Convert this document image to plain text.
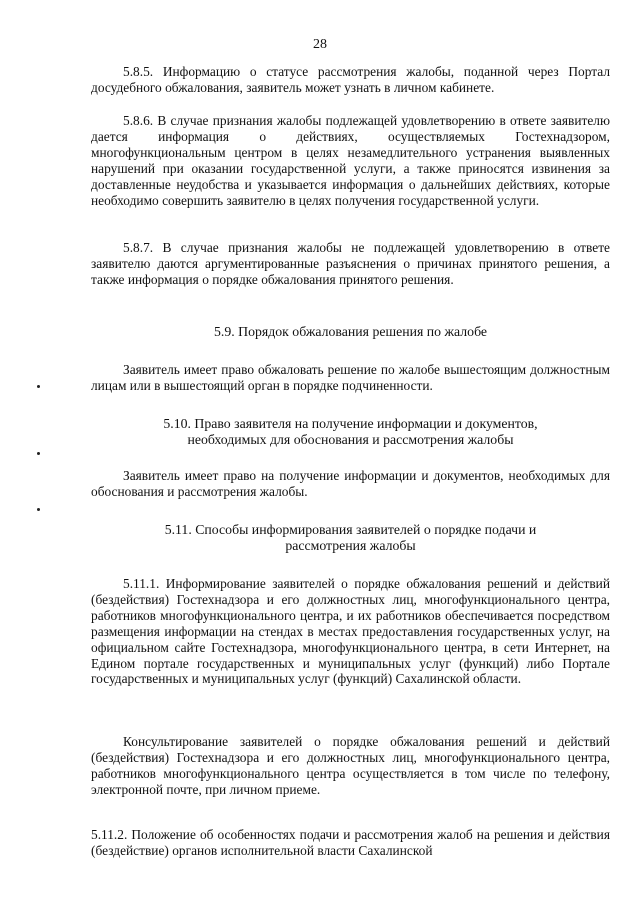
28

5.8.5. Информацию о статусе рассмотрения жалобы, поданной через Портал досудебного обжалования, заявитель может узнать в личном кабинете.

5.8.6. В случае признания жалобы подлежащей удовлетворению в ответе заявителю дается информация о действиях, осуществляемых Гостехнадзором, многофункциональным центром в целях незамедлительного устранения выявленных нарушений при оказании государственной услуги, а также приносятся извинения за доставленные неудобства и указывается информация о дальнейших действиях, которые необходимо совершить заявителю в целях получения государственной услуги.

5.8.7. В случае признания жалобы не подлежащей удовлетворению в ответе заявителю даются аргументированные разъяснения о причинах принятого решения, а также информация о порядке обжалования принятого решения.

5.9. Порядок обжалования решения по жалобе

Заявитель имеет право обжаловать решение по жалобе вышестоящим должностным лицам или в вышестоящий орган в порядке подчиненности.

5.10. Право заявителя на получение информации и документов,
необходимых для обоснования и рассмотрения жалобы

Заявитель имеет право на получение информации и документов, необходимых для обоснования и рассмотрения жалобы.

5.11. Способы информирования заявителей о порядке подачи и
рассмотрения жалобы

5.11.1. Информирование заявителей о порядке обжалования решений и действий (бездействия) Гостехнадзора и его должностных лиц, многофункционального центра, работников многофункционального центра, и их работников обеспечивается посредством размещения информации на стендах в местах предоставления государственных услуг, на официальном сайте Гостехнадзора, многофункционального центра, в сети Интернет, на Едином портале государственных и муниципальных услуг (функций) либо Портале государственных и муниципальных услуг (функций) Сахалинской области.

Консультирование заявителей о порядке обжалования решений и действий (бездействия) Гостехнадзора и его должностных лиц, многофункционального центра, работников многофункционального центра осуществляется в том числе по телефону, электронной почте, при личном приеме.

5.11.2. Положение об особенностях подачи и рассмотрения жалоб на решения и действия (бездействие) органов исполнительной власти Сахалинской
